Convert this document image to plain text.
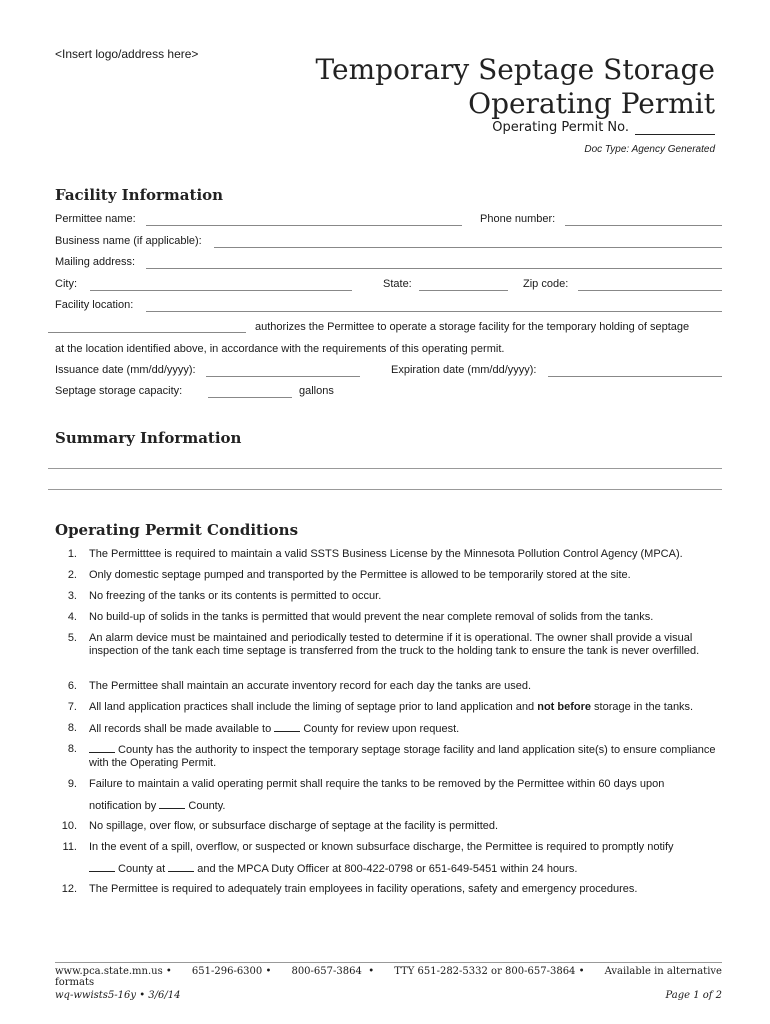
<Insert logo/address here>	Temporary Septage Storage
Operating Permit
Operating Permit No.
Doc Type: Agency Generated
Facility Information
Permittee name:	Phone number:
Business name (if applicable):
Mailing address:
City:	State:	Zip code:
Facility location:
authorizes the Permittee to operate a storage facility for the temporary holding of septage
at the location identified above, in accordance with the requirements of this operating permit.
Issuance date (mm/dd/yyyy):	Expiration date (mm/dd/yyyy):
Septage storage capacity:	gallons
Summary Information
Operating Permit Conditions
1. The Permitttee is required to maintain a valid SSTS Business License by the Minnesota Pollution Control Agency (MPCA).
2. Only domestic septage pumped and transported by the Permittee is allowed to be temporarily stored at the site.
3. No freezing of the tanks or its contents is permitted to occur.
4. No build-up of solids in the tanks is permitted that would prevent the near complete removal of solids from the tanks.
5. An alarm device must be maintained and periodically tested to determine if it is operational. The owner shall provide a visual inspection of the tank each time septage is transferred from the truck to the holding tank to ensure the tank is never overfilled.
6. The Permittee shall maintain an accurate inventory record for each day the tanks are used.
7. All land application practices shall include the liming of septage prior to land application and not before storage in the tanks.
8. All records shall be made available to  County for review upon request.
8.	County has the authority to inspect the temporary septage storage facility and land application site(s) to ensure compliance with the Operating Permit.
9. Failure to maintain a valid operating permit shall require the tanks to be removed by the Permittee within 60 days upon
notification by  County.
10. No spillage, over flow, or subsurface discharge of septage at the facility is permitted.
11. In the event of a spill, overflow, or suspected or known subsurface discharge, the Permittee is required to promptly notify
County at  and the MPCA Duty Officer at 800-422-0798 or 651-649-5451 within 24 hours.
12. The Permittee is required to adequately train employees in facility operations, safety and emergency procedures.
www.pca.state.mn.us • 651-296-6300 • 800-657-3864 • TTY 651-282-5332 or 800-657-3864 • Available in alternative
formats
wq-wwists5-16y • 3/6/14	Page 1 of 2
